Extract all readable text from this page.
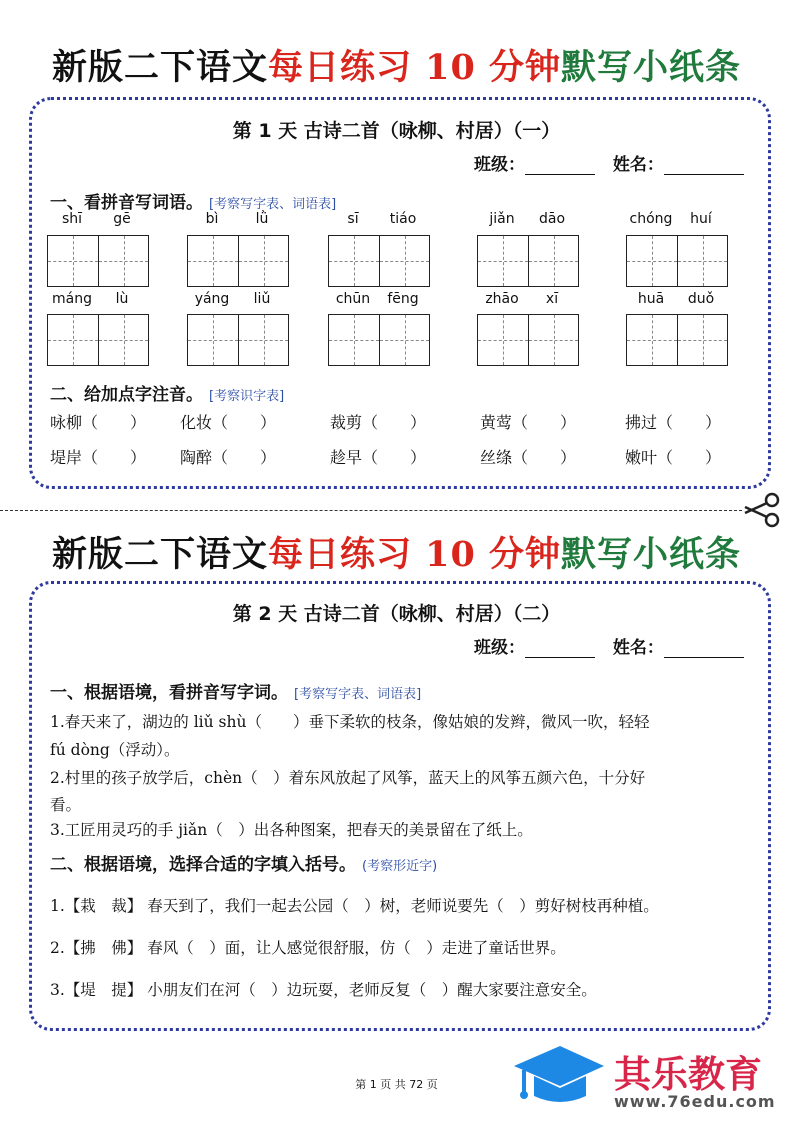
新版二下语文每日练习 10 分钟默写小纸条
第 1 天 古诗二首（咏柳、村居）（一）
班级：	姓名：
一、看拼音写词语。 [考察写字表、词语表]
shī	gē	bì	lǜ	sī	tiáo	jiǎn	dāo	chóng	huí
máng	lù	yáng	liǔ	chūn	fēng	zhāo	xī	huā	duǒ
二、给加点字注音。 [考察识字表]
咏柳（　　） 化妆（　　）	裁剪（　　）	黄莺（　　）	拂过（　　）
堤岸（　　） 陶醉（　　）	趁早（　　）	丝绦（　　）	嫩叶（　　）
新版二下语文每日练习 10 分钟默写小纸条
第 2 天 古诗二首（咏柳、村居）（二）
班级：	姓名：
一、根据语境，看拼音写字词。 [考察写字表、词语表]
1.春天来了，湖边的 liǔ shù（　　）垂下柔软的枝条，像姑娘的发辫，微风一吹，轻轻
fú dòng（浮动）。
2.村里的孩子放学后，chèn（　）着东风放起了风筝，蓝天上的风筝五颜六色，十分好
看。
3.工匠用灵巧的手 jiǎn（　）出各种图案，把春天的美景留在了纸上。
二、根据语境，选择合适的字填入括号。 (考察形近字)
1.【栽　裁】 春天到了，我们一起去公园（　）树，老师说要先（　）剪好树枝再种植。
2.【拂　佛】 春风（　）面，让人感觉很舒服，仿（　）走进了童话世界。
3.【堤　提】 小朋友们在河（　）边玩耍，老师反复（　）醒大家要注意安全。
第 1 页 共 72 页	其乐教育
www.76edu.com
